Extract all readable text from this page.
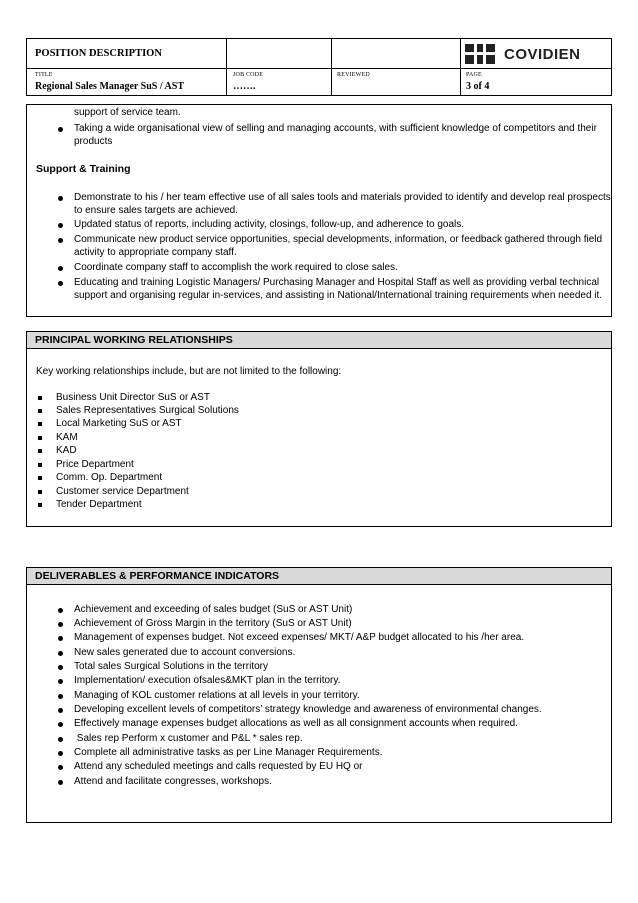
POSITION DESCRIPTION	COVIDIEN
TITLE
Regional Sales Manager SuS / AST
JOB CODE
…….
REVIEWED	PAGE
3 of 4
support of service team.
Taking a wide organisational view of selling and managing accounts, with sufficient knowledge of competitors and their
products
Support & Training
Demonstrate to his / her team effective use of all sales tools and materials provided to identify and develop real prospects
to ensure sales targets are achieved.
Updated status of reports, including activity, closings, follow-up, and adherence to goals.
Communicate new product service opportunities, special developments, information, or feedback gathered through field
activity to appropriate company staff.
Coordinate company staff to accomplish the work required to close sales.
Educating and training Logistic Managers/ Purchasing Manager and Hospital Staff as well as providing verbal technical
support and organising regular in-services, and assisting in National/International training requirements when needed it.
PRINCIPAL WORKING RELATIONSHIPS
Key working relationships include, but are not limited to the following:
Business Unit Director SuS or AST
Sales Representatives Surgical Solutions
Local Marketing SuS or AST
KAM
KAD
Price Department
Comm. Op. Department
Customer service Department
Tender Department
DELIVERABLES & PERFORMANCE INDICATORS
Achievement and exceeding of sales budget (SuS or AST Unit)
Achievement of Gross Margin in the territory (SuS or AST Unit)
Management of expenses budget. Not exceed expenses/ MKT/ A&P budget allocated to his /her area.
New sales generated due to account conversions.
Total sales Surgical Solutions in the territory
Implementation/ execution ofsales&MKT plan in the territory.
Managing of KOL customer relations at all levels in your territory.
Developing excellent levels of competitors’ strategy knowledge and awareness of environmental changes.
Effectively manage expenses budget allocations as well as all consignment accounts when required.
Sales rep Perform x customer and P&L * sales rep.
Complete all administrative tasks as per Line Manager Requirements.
Attend any scheduled meetings and calls requested by EU HQ or
Attend and facilitate congresses, workshops.
